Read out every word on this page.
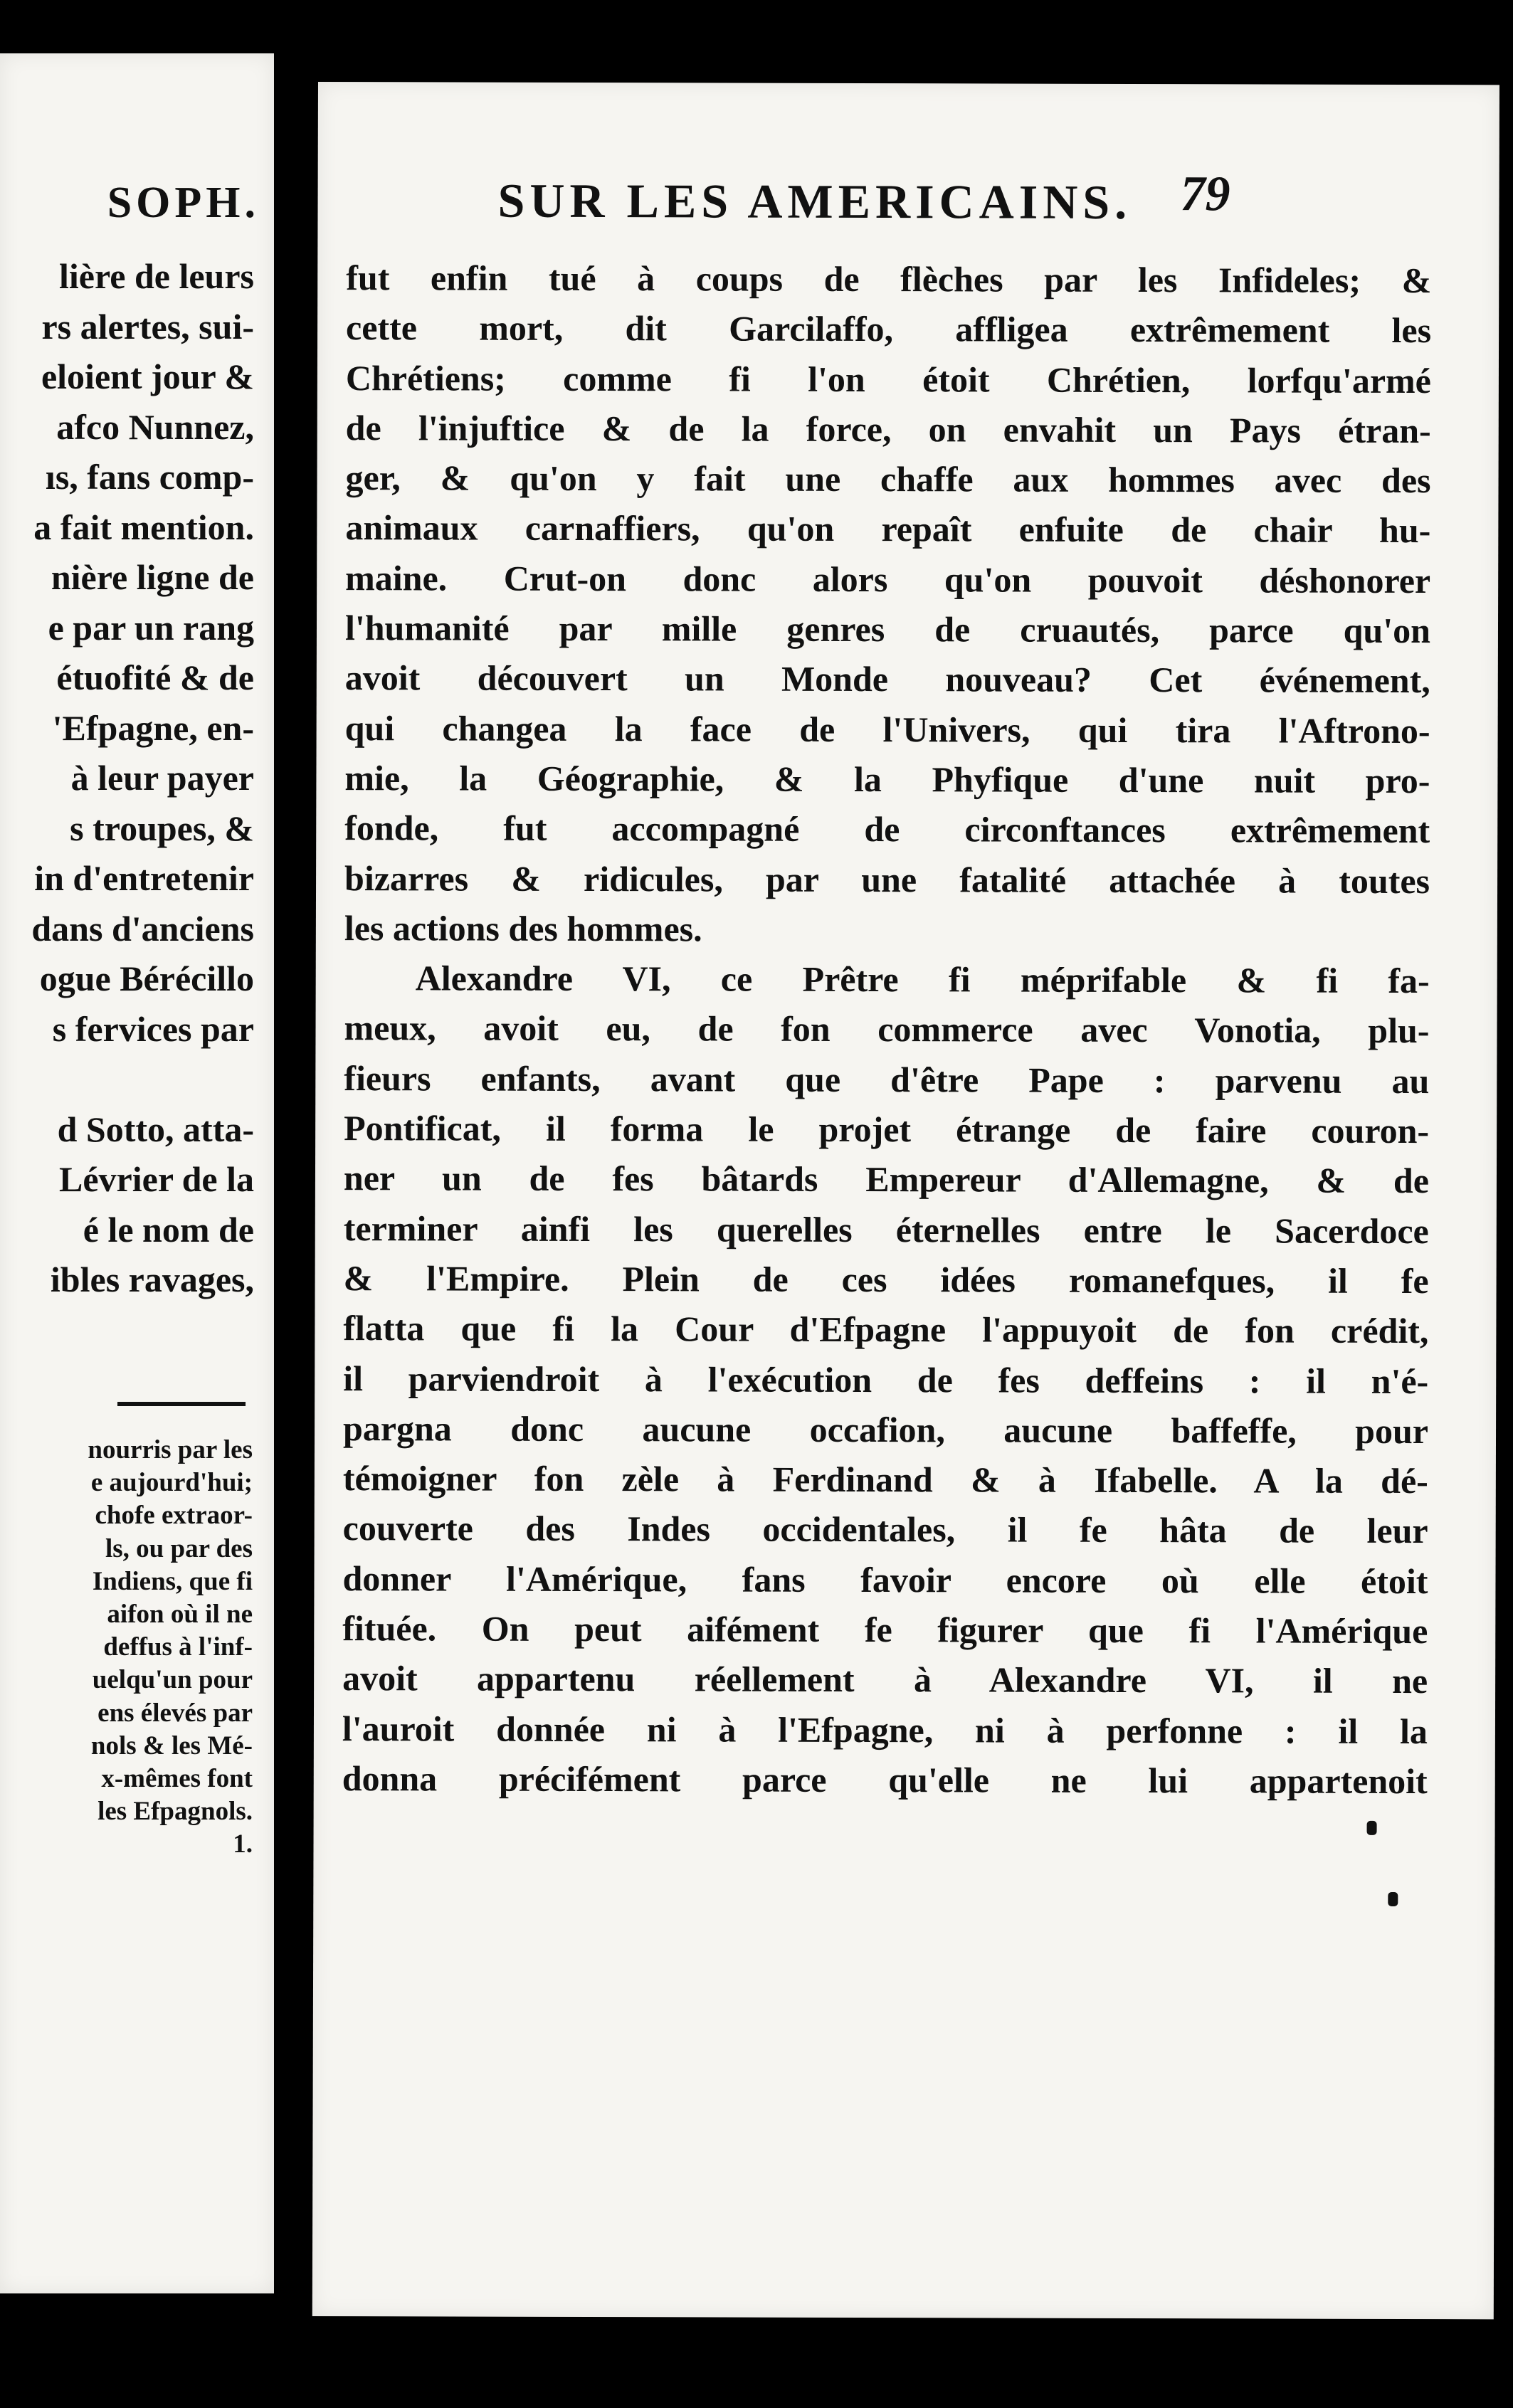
SOPH.
lière de leurs
rs alertes, sui-
eloient jour &
afco Nunnez,
ıs, fans comp-
a fait mention.
nière ligne de
e par un rang
étuofité & de
'Efpagne, en-
à leur payer
s troupes, &
in d'entretenir
dans d'anciens
ogue Bérécillo
s fervices par
d Sotto, atta-
Lévrier de la
é le nom de
ibles ravages,
nourris par les
e aujourd'hui;
chofe extraor-
ls, ou par des
Indiens, que fi
aifon où il ne
deffus à l'inf-
uelqu'un pour
ens élevés par
nols & les Mé-
x-mêmes font
les Efpagnols.
1.
SUR LES AMERICAINS. 79
fut enfin tué à coups de flèches par les Infideles; &
cette mort, dit Garcilaffo, affligea extrêmement les
Chrétiens; comme fi l'on étoit Chrétien, lorfqu'armé
de l'injuftice & de la force, on envahit un Pays étran-
ger, & qu'on y fait une chaffe aux hommes avec des
animaux carnaffiers, qu'on repaît enfuite de chair hu-
maine. Crut-on donc alors qu'on pouvoit déshonorer
l'humanité par mille genres de cruautés, parce qu'on
avoit découvert un Monde nouveau? Cet événement,
qui changea la face de l'Univers, qui tira l'Aftrono-
mie, la Géographie, & la Phyfique d'une nuit pro-
fonde, fut accompagné de circonftances extrêmement
bizarres & ridicules, par une fatalité attachée à toutes
les actions des hommes.
Alexandre VI, ce Prêtre fi méprifable & fi fa-
meux, avoit eu, de fon commerce avec Vonotia, plu-
fieurs enfants, avant que d'être Pape : parvenu au
Pontificat, il forma le projet étrange de faire couron-
ner un de fes bâtards Empereur d'Allemagne, & de
terminer ainfi les querelles éternelles entre le Sacerdoce
& l'Empire. Plein de ces idées romanefques, il fe
flatta que fi la Cour d'Efpagne l'appuyoit de fon crédit,
il parviendroit à l'exécution de fes deffeins : il n'é-
pargna donc aucune occafion, aucune baffeffe, pour
témoigner fon zèle à Ferdinand & à Ifabelle. A la dé-
couverte des Indes occidentales, il fe hâta de leur
donner l'Amérique, fans favoir encore où elle étoit
fituée. On peut aifément fe figurer que fi l'Amérique
avoit appartenu réellement à Alexandre VI, il ne
l'auroit donnée ni à l'Efpagne, ni à perfonne : il la
donna précifément parce qu'elle ne lui appartenoit
